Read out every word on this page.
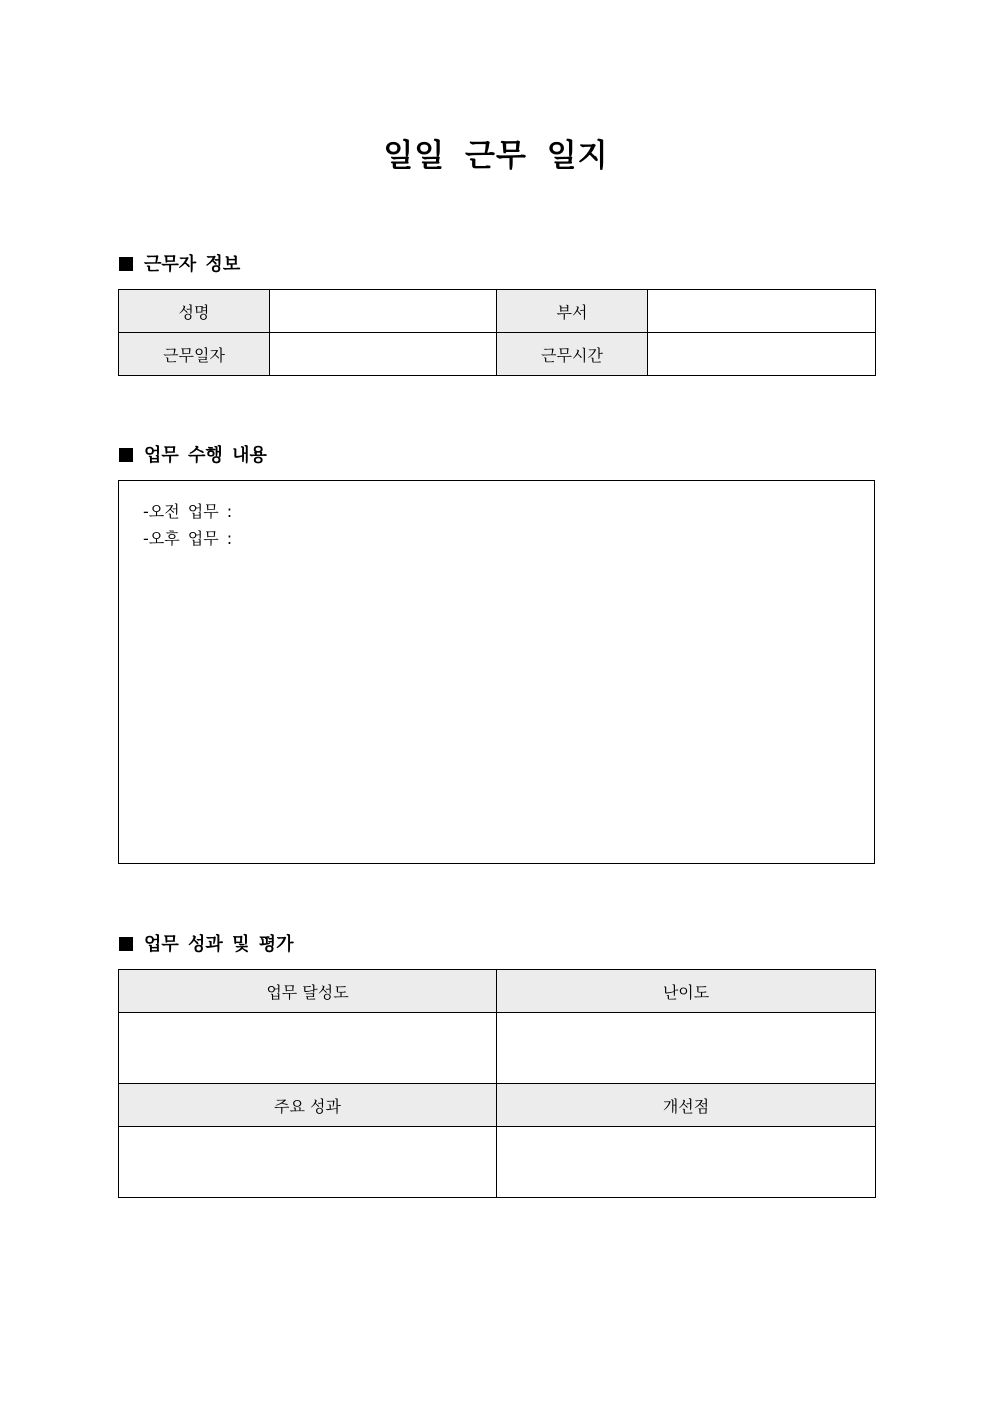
일일 근무 일지
근무자 정보
성명		부서	
근무일자		근무시간	
업무 수행 내용
-오전 업무 :
-오후 업무 :
업무 성과 및 평가
업무 달성도	난이도

주요 성과	개선점
